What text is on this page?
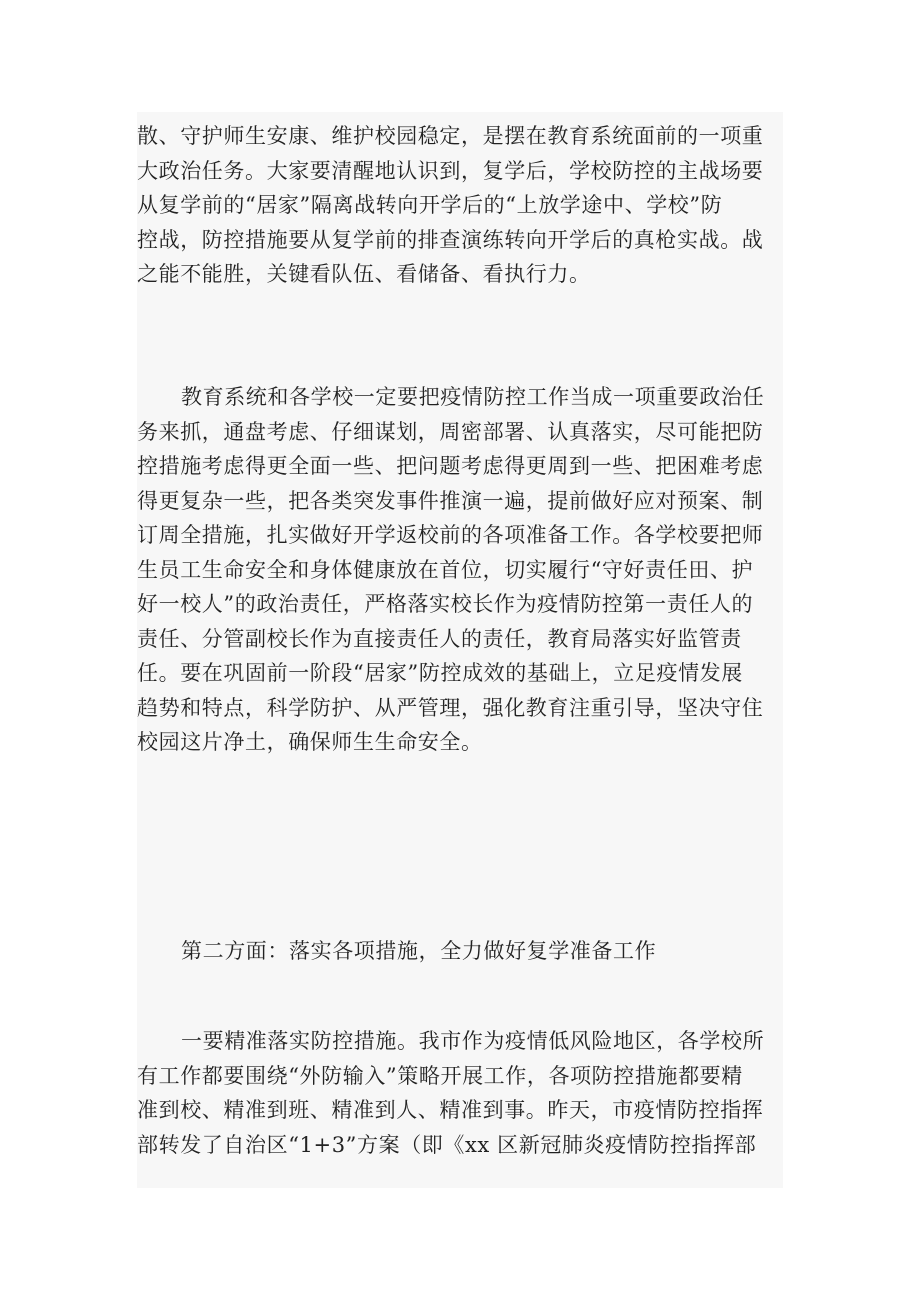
散、守护师生安康、维护校园稳定，是摆在教育系统面前的一项重
大政治任务。大家要清醒地认识到，复学后，学校防控的主战场要
从复学前的“居家”隔离战转向开学后的“上放学途中、学校”防
控战，防控措施要从复学前的排查演练转向开学后的真枪实战。战
之能不能胜，关键看队伍、看储备、看执行力。

教育系统和各学校一定要把疫情防控工作当成一项重要政治任
务来抓，通盘考虑、仔细谋划，周密部署、认真落实，尽可能把防
控措施考虑得更全面一些、把问题考虑得更周到一些、把困难考虑
得更复杂一些，把各类突发事件推演一遍，提前做好应对预案、制
订周全措施，扎实做好开学返校前的各项准备工作。各学校要把师
生员工生命安全和身体健康放在首位，切实履行“守好责任田、护
好一校人”的政治责任，严格落实校长作为疫情防控第一责任人的
责任、分管副校长作为直接责任人的责任，教育局落实好监管责
任。要在巩固前一阶段“居家”防控成效的基础上，立足疫情发展
趋势和特点，科学防护、从严管理，强化教育注重引导，坚决守住
校园这片净土，确保师生生命安全。

第二方面：落实各项措施，全力做好复学准备工作

一要精准落实防控措施。我市作为疫情低风险地区，各学校所
有工作都要围绕“外防输入”策略开展工作，各项防控措施都要精
准到校、精准到班、精准到人、精准到事。昨天，市疫情防控指挥
部转发了自治区“1+3”方案（即《xx 区新冠肺炎疫情防控指挥部
